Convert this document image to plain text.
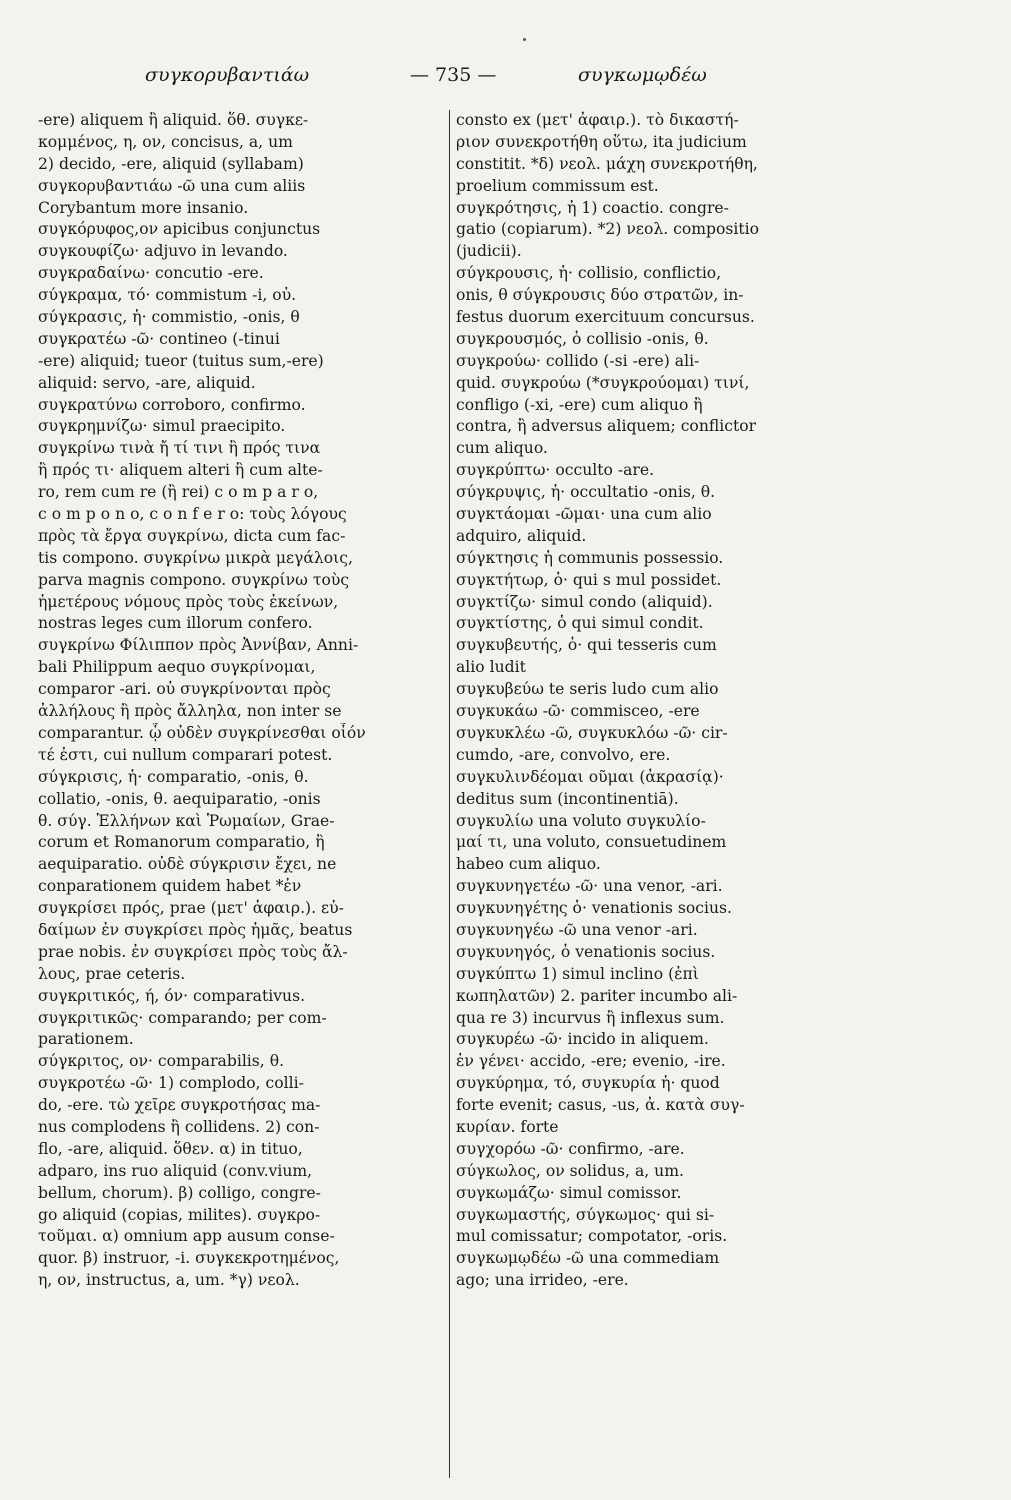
συγκορυβαντιάω	— 735 —	συγκωμῳδέω
-ere) aliquem ἢ aliquid. ὅθ. συγκε-
κομμένος, η, ον, concisus, a, um
2) decido, -ere, aliquid (syllabam)
συγκορυβαντιάω -ῶ una cum aliis
Corybantum more insanio.
συγκόρυφος,ον apicibus conjunctus
συγκουφίζω· adjuvo in levando.
συγκραδαίνω· concutio -ere.
σύγκραμα, τό· commistum -i, οὐ.
σύγκρασις, ἡ· commistio, -onis, θ
συγκρατέω -ῶ· contineo (-tinui
-ere) aliquid; tueor (tuitus sum,-ere)
aliquid: servo, -are, aliquid.
συγκρατύνω corroboro, confirmo.
συγκρημνίζω· simul praecipito.
συγκρίνω τινὰ ἤ τί τινι ἢ πρός τινα
ἢ πρός τι· aliquem alteri ἢ cum alte-
ro, rem cum re (ἢ rei) c o m p a r o,
c o m p o n o, c o n f e r o: τοὺς λόγους
πρὸς τὰ ἔργα συγκρίνω, dicta cum fac-
tis compono. συγκρίνω μικρὰ μεγάλοις,
parva magnis compono. συγκρίνω τοὺς
ἡμετέρους νόμους πρὸς τοὺς ἐκείνων,
nostras leges cum illorum confero.
συγκρίνω Φίλιππον πρὸς Ἀννίβαν, Anni-
bali Philippum aequo συγκρίνομαι,
comparor -ari. οὐ συγκρίνονται πρὸς
ἀλλήλους ἢ πρὸς ἄλληλα, non inter se
comparantur. ᾧ οὐδὲν συγκρίνεσθαι οἷόν
τέ ἐστι, cui nullum comparari potest.
σύγκρισις, ἡ· comparatio, -onis, θ.
collatio, -onis, θ. aequiparatio, -onis
θ. σύγ. Ἑλλήνων καὶ Ῥωμαίων, Grae-
corum et Romanorum comparatio, ἢ
aequiparatio. οὐδὲ σύγκρισιν ἔχει, ne
conparationem quidem habet *ἐν
συγκρίσει πρός, prae (μετ' ἀφαιρ.). εὐ-
δαίμων ἐν συγκρίσει πρὸς ἡμᾶς, beatus
prae nobis. ἐν συγκρίσει πρὸς τοὺς ἄλ-
λους, prae ceteris.
συγκριτικός, ή, όν· comparativus.
συγκριτικῶς· comparando; per com-
parationem.
σύγκριτος, ον· comparabilis, θ.
συγκροτέω -ῶ· 1) complodo, colli-
do, -ere. τὼ χεῖρε συγκροτήσας ma-
nus complodens ἢ collidens. 2) con-
flo, -are, aliquid. ὅθεν. α) in tituo,
adparo, ins ruo aliquid (conv.vium,
bellum, chorum). β) colligo, congre-
go aliquid (copias, milites). συγκρο-
τοῦμαι. α) omnium app ausum conse-
quor. β) instruor, -i. συγκεκροτημένος,
η, ον, instructus, a, um. *γ) νεολ.
consto ex (μετ' ἀφαιρ.). τὸ δικαστή-
ριον συνεκροτήθη οὕτω, ita judicium
constitit. *δ) νεολ. μάχη συνεκροτήθη,
proelium commissum est.
συγκρότησις, ἡ 1) coactio. congre-
gatio (copiarum). *2) νεολ. compositio
(judicii).
σύγκρουσις, ἡ· collisio, conflictio,
onis, θ σύγκρουσις δύο στρατῶν, in-
festus duorum exercituum concursus.
συγκρουσμός, ὁ collisio -onis, θ.
συγκρούω· collido (-si -ere) ali-
quid. συγκρούω (*συγκρούομαι) τινί,
confligo (-xi, -ere) cum aliquo ἢ
contra, ἢ adversus aliquem; conflictor
cum aliquo.
συγκρύπτω· occulto -are.
σύγκρυψις, ἡ· occultatio -onis, θ.
συγκτάομαι -ῶμαι· una cum alio
adquiro, aliquid.
σύγκτησις ἡ communis possessio.
συγκτήτωρ, ὁ· qui s mul possidet.
συγκτίζω· simul condo (aliquid).
συγκτίστης, ὁ qui simul condit.
συγκυβευτής, ὁ· qui tesseris cum
alio ludit
συγκυβεύω te seris ludo cum alio
συγκυκάω -ῶ· commisceo, -ere
συγκυκλέω -ῶ, συγκυκλόω -ῶ· cir-
cumdo, -are, convolvo, ere.
συγκυλινδέομαι οῦμαι (ἀκρασίᾳ)·
deditus sum (incontinentiā).
συγκυλίω una voluto συγκυλίο-
μαί τι, una voluto, consuetudinem
habeo cum aliquo.
συγκυνηγετέω -ῶ· una venor, -ari.
συγκυνηγέτης ὁ· venationis socius.
συγκυνηγέω -ῶ una venor -ari.
συγκυνηγός, ὁ venationis socius.
συγκύπτω 1) simul inclino (ἐπὶ
κωπηλατῶν) 2. pariter incumbo ali-
qua re 3) incurvus ἢ inflexus sum.
συγκυρέω -ῶ· incido in aliquem.
ἐν γένει· accido, -ere; evenio, -ire.
συγκύρημα, τό, συγκυρία ἡ· quod
forte evenit; casus, -us, ἀ. κατὰ συγ-
κυρίαν. forte
συγχορόω -ῶ· confirmo, -are.
σύγκωλος, ον solidus, a, um.
συγκωμάζω· simul comissor.
συγκωμαστής, σύγκωμος· qui si-
mul comissatur; compotator, -oris.
συγκωμῳδέω -ῶ una commediam
ago; una irrideo, -ere.
